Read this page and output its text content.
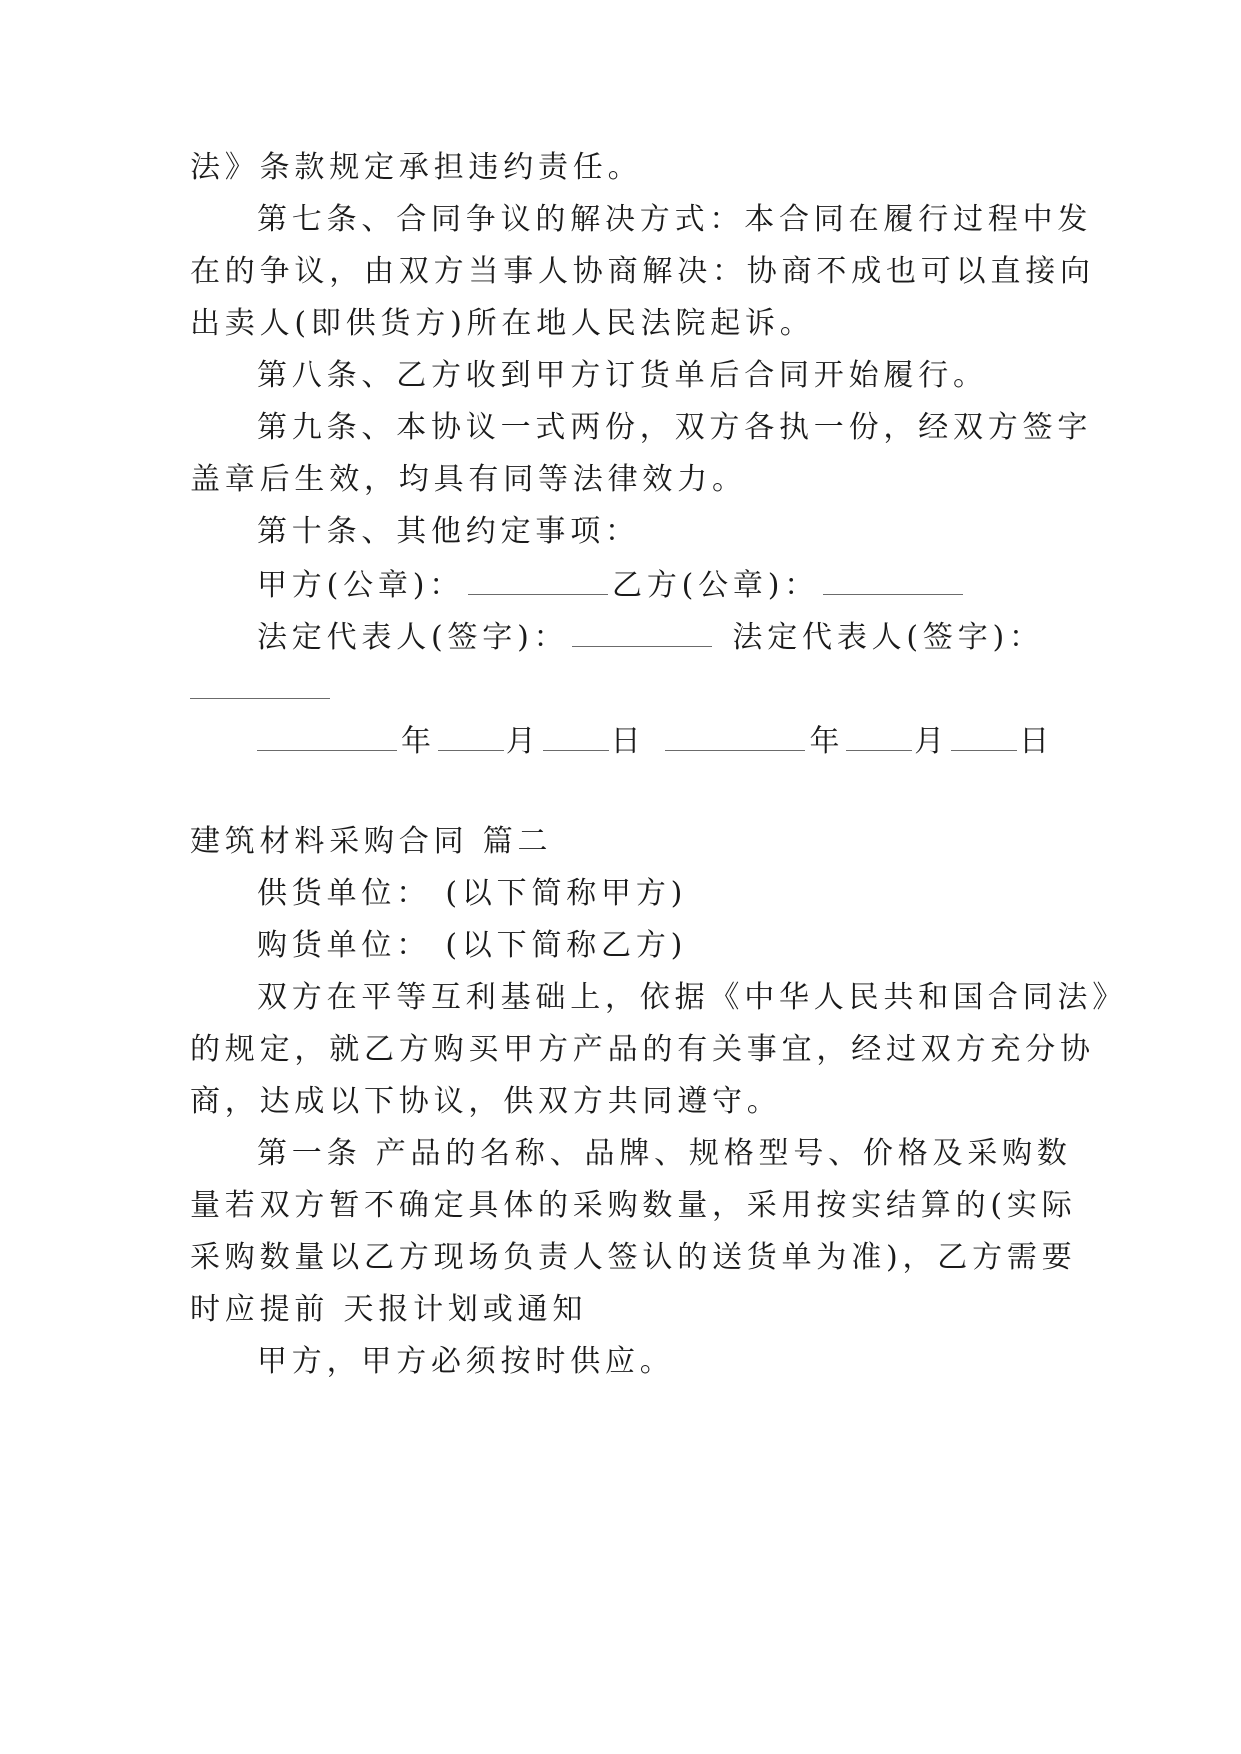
法》条款规定承担违约责任。
第七条、合同争议的解决方式：本合同在履行过程中发
在的争议，由双方当事人协商解决：协商不成也可以直接向
出卖人(即供货方)所在地人民法院起诉。
第八条、乙方收到甲方订货单后合同开始履行。
第九条、本协议一式两份，双方各执一份，经双方签字
盖章后生效，均具有同等法律效力。
第十条、其他约定事项：
甲方(公章)：	乙方(公章)：
法定代表人(签字)：	法定代表人(签字)：
年 月 日	年 月 日
建筑材料采购合同 篇二
供货单位： (以下简称甲方)
购货单位： (以下简称乙方)
双方在平等互利基础上，依据《中华人民共和国合同法》
的规定，就乙方购买甲方产品的有关事宜，经过双方充分协
商，达成以下协议，供双方共同遵守。
第一条 产品的名称、品牌、规格型号、价格及采购数
量若双方暂不确定具体的采购数量，采用按实结算的(实际
采购数量以乙方现场负责人签认的送货单为准)，乙方需要
时应提前 天报计划或通知
甲方，甲方必须按时供应。
